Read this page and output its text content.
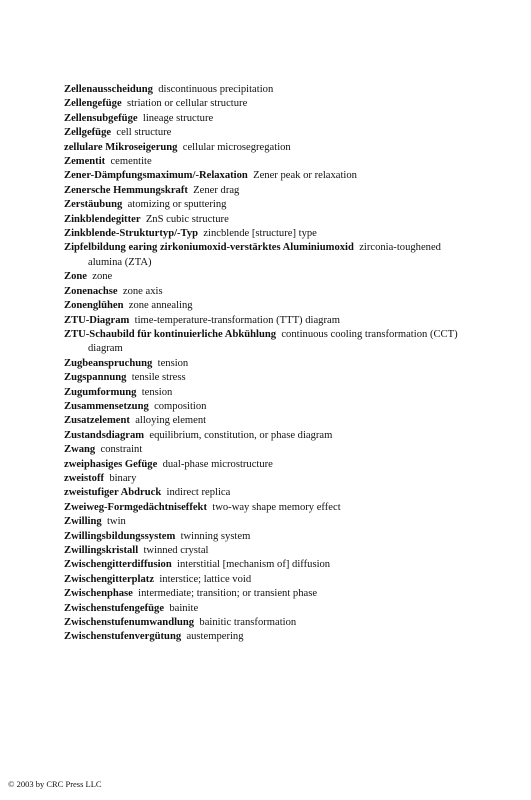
Zellenausscheidung discontinuous precipitation

Zellengefüge striation or cellular structure

Zellensubgefüge lineage structure

Zellgefüge cell structure

zellulare Mikroseigerung cellular microsegregation

Zementit cementite

Zener-Dämpfungsmaximum/-Relaxation Zener peak or relaxation

Zenersche Hemmungskraft Zener drag

Zerstäubung atomizing or sputtering

Zinkblendegitter ZnS cubic structure

Zinkblende-Strukturtyp/-Typ zincblende [structure] type

Zipfelbildung earing zirkoniumoxid-verstärktes Aluminiumoxid zirconia-toughened alumina (ZTA)

Zone zone

Zonenachse zone axis

Zonenglühen zone annealing

ZTU-Diagram time-temperature-transformation (TTT) diagram

ZTU-Schaubild für kontinuierliche Abkühlung continuous cooling transformation (CCT) diagram

Zugbeanspruchung tension

Zugspannung tensile stress

Zugumformung tension

Zusammensetzung composition

Zusatzelement alloying element

Zustandsdiagram equilibrium, constitution, or phase diagram

Zwang constraint

zweiphasiges Gefüge dual-phase microstructure

zweistoff binary

zweistufiger Abdruck indirect replica

Zweiweg-Formgedächtniseffekt two-way shape memory effect

Zwilling twin

Zwillingsbildungssystem twinning system

Zwillingskristall twinned crystal

Zwischengitterdiffusion interstitial [mechanism of] diffusion

Zwischengitterplatz interstice; lattice void

Zwischenphase intermediate; transition; or transient phase

Zwischenstufengefüge bainite

Zwischenstufenumwandlung bainitic transformation

Zwischenstufenvergütung austempering

© 2003 by CRC Press LLC
